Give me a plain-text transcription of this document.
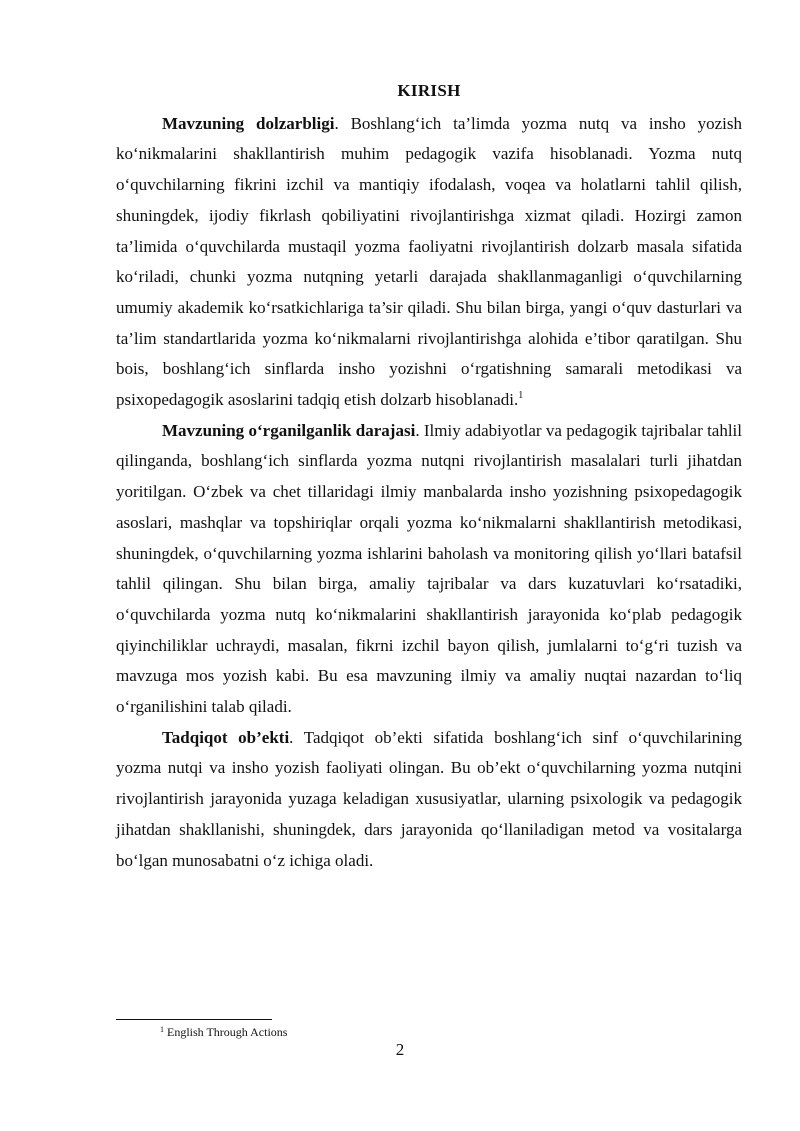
KIRISH

Mavzuning dolzarbligi. Boshlang‘ich ta’limda yozma nutq va insho yozish ko‘nikmalarini shakllantirish muhim pedagogik vazifa hisoblanadi. Yozma nutq o‘quvchilarning fikrini izchil va mantiqiy ifodalash, voqea va holatlarni tahlil qilish, shuningdek, ijodiy fikrlash qobiliyatini rivojlantirishga xizmat qiladi. Hozirgi zamon ta’limida o‘quvchilarda mustaqil yozma faoliyatni rivojlantirish dolzarb masala sifatida ko‘riladi, chunki yozma nutqning yetarli darajada shakllanmaganligi o‘quvchilarning umumiy akademik ko‘rsatkichlariga ta’sir qiladi. Shu bilan birga, yangi o‘quv dasturlari va ta’lim standartlarida yozma ko‘nikmalarni rivojlantirishga alohida e’tibor qaratilgan. Shu bois, boshlang‘ich sinflarda insho yozishni o‘rgatishning samarali metodikasi va psixopedagogik asoslarini tadqiq etish dolzarb hisoblanadi.$^1$

Mavzuning o‘rganilganlik darajasi. Ilmiy adabiyotlar va pedagogik tajribalar tahlil qilinganda, boshlang‘ich sinflarda yozma nutqni rivojlantirish masalalari turli jihatdan yoritilgan. O‘zbek va chet tillaridagi ilmiy manbalarda insho yozishning psixopedagogik asoslari, mashqlar va topshiriqlar orqali yozma ko‘nikmalarni shakllantirish metodikasi, shuningdek, o‘quvchilarning yozma ishlarini baholash va monitoring qilish yo‘llari batafsil tahlil qilingan. Shu bilan birga, amaliy tajribalar va dars kuzatuvlari ko‘rsatadiki, o‘quvchilarda yozma nutq ko‘nikmalarini shakllantirish jarayonida ko‘plab pedagogik qiyinchiliklar uchraydi, masalan, fikrni izchil bayon qilish, jumlalarni to‘g‘ri tuzish va mavzuga mos yozish kabi. Bu esa mavzuning ilmiy va amaliy nuqtai nazardan to‘liq o‘rganilishini talab qiladi.

Tadqiqot ob’ekti. Tadqiqot ob’ekti sifatida boshlang‘ich sinf o‘quvchilarining yozma nutqi va insho yozish faoliyati olingan. Bu ob’ekt o‘quvchilarning yozma nutqini rivojlantirish jarayonida yuzaga keladigan xususiyatlar, ularning psixologik va pedagogik jihatdan shakllanishi, shuningdek, dars jarayonida qo‘llaniladigan metod va vositalarga bo‘lgan munosabatni o‘z ichiga oladi.

$^1$ English Through Actions
2
